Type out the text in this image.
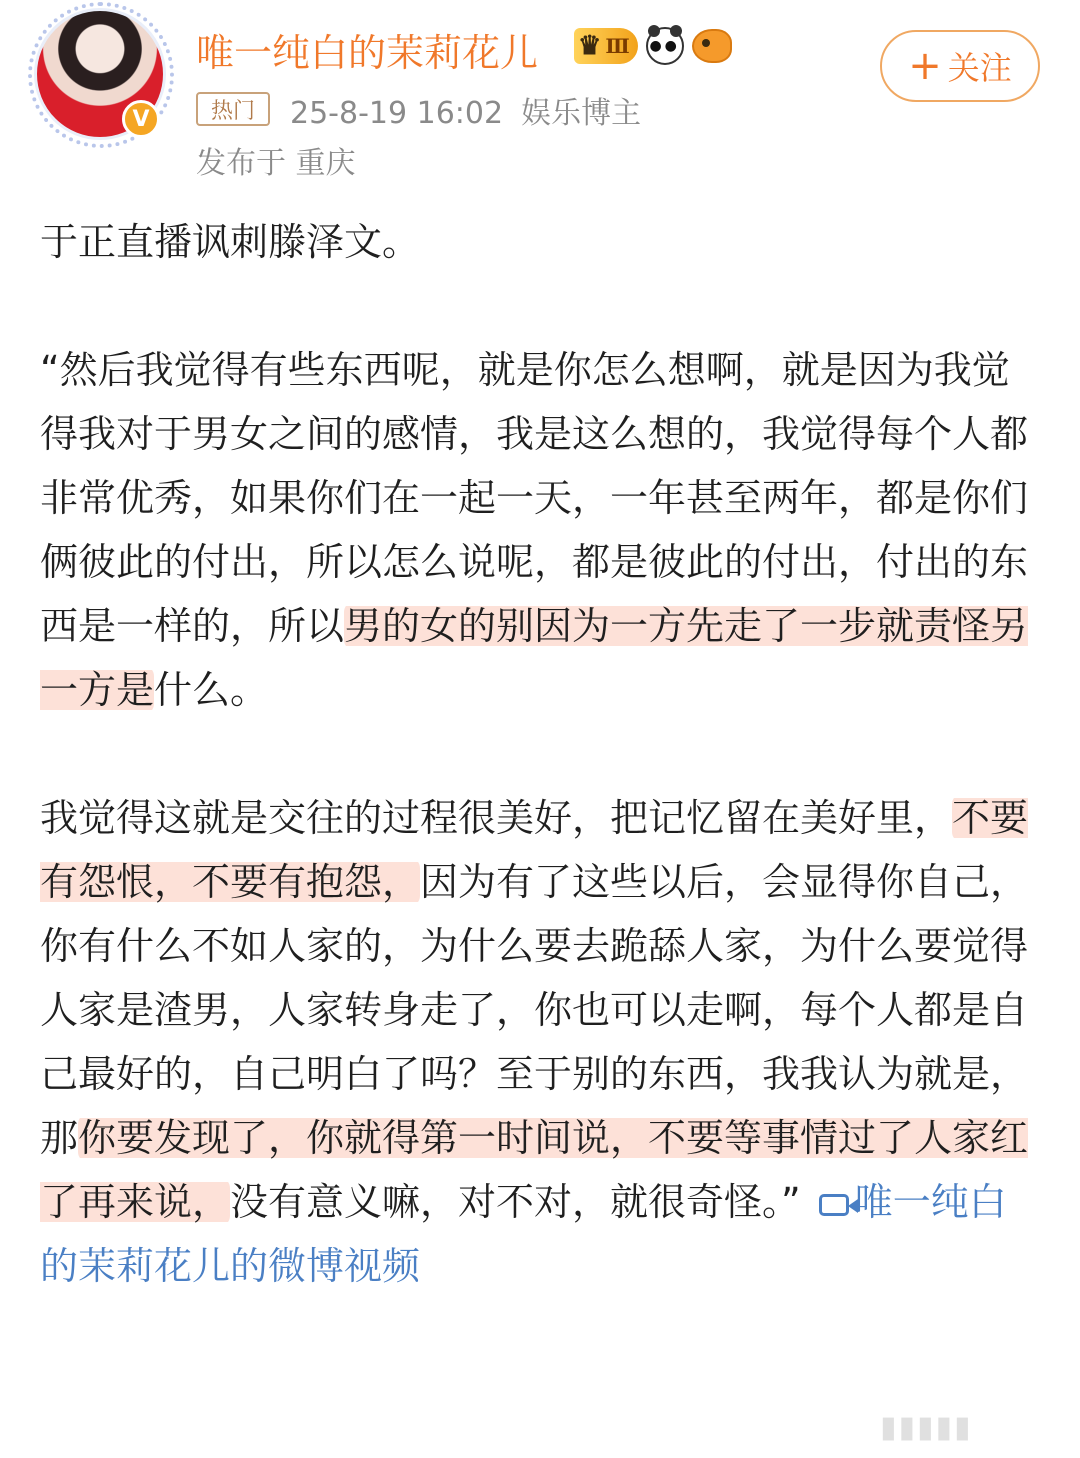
V
唯一纯白的茉莉花儿 ♛ Ⅲ ●●
热门	25-8-19 16:02 娱乐博主
发布于 重庆
+ 关注

于正直播讽刺滕泽文。

“然后我觉得有些东西呢，就是你怎么想啊，就是因为我觉得我对于男女之间的感情，我是这么想的，我觉得每个人都非常优秀，如果你们在一起一天，一年甚至两年，都是你们俩彼此的付出，所以怎么说呢，都是彼此的付出，付出的东西是一样的，所以男的女的别因为一方先走了一步就责怪另一方是什么。

我觉得这就是交往的过程很美好，把记忆留在美好里，不要有怨恨，不要有抱怨，因为有了这些以后，会显得你自己，你有什么不如人家的，为什么要去跪舔人家，为什么要觉得人家是渣男，人家转身走了，你也可以走啊，每个人都是自己最好的，自己明白了吗？至于别的东西，我我认为就是，那你要发现了，你就得第一时间说，不要等事情过了人家红了再来说，没有意义嘛，对不对，就很奇怪。” 唯一纯白的茉莉花儿的微博视频

▮▮▮▮▮
